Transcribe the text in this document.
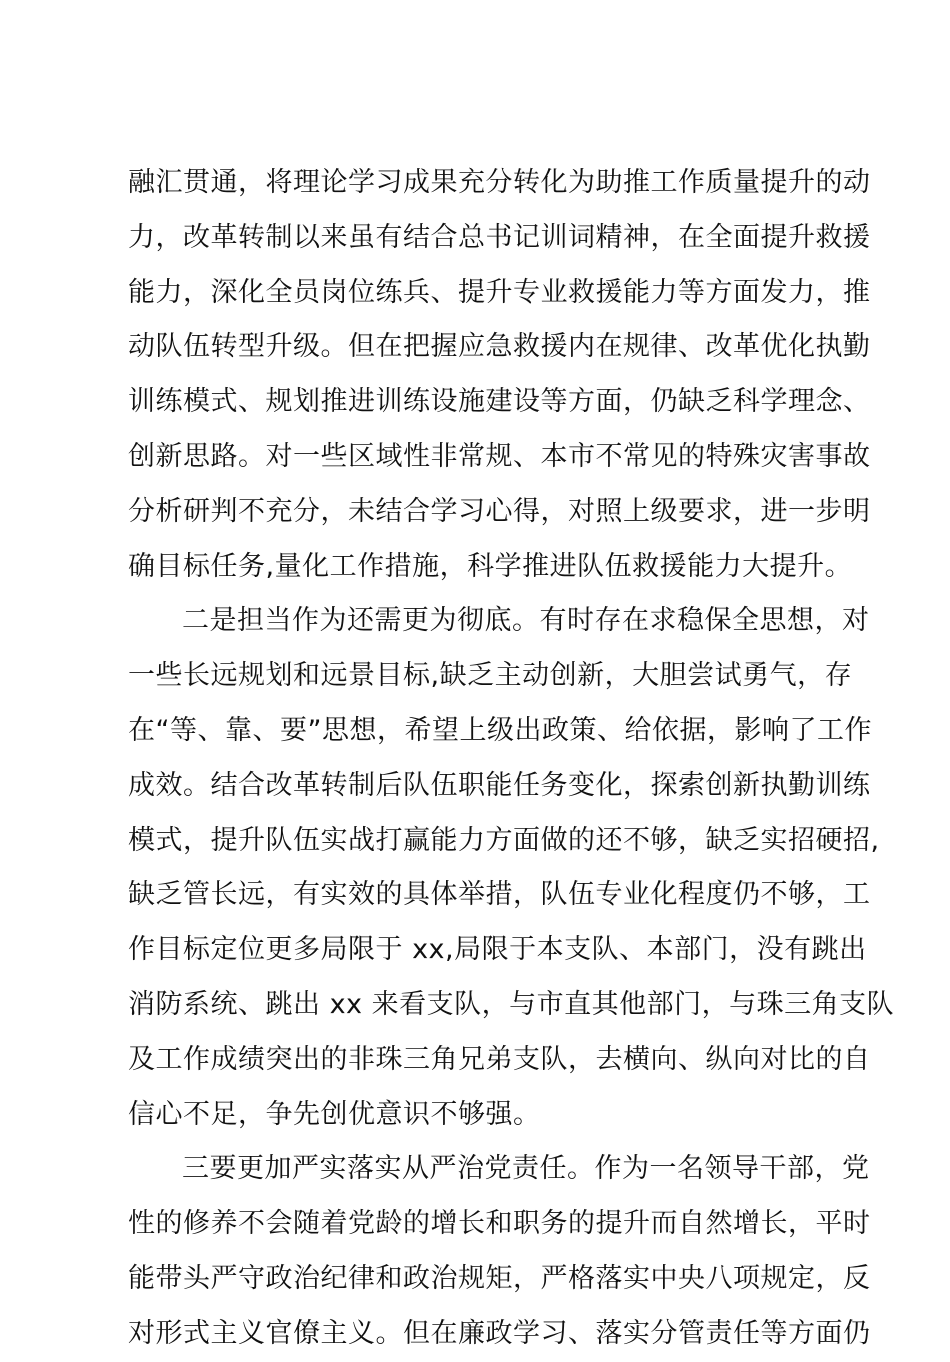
融汇贯通，将理论学习成果充分转化为助推工作质量提升的动
力，改革转制以来虽有结合总书记训词精神，在全面提升救援
能力，深化全员岗位练兵、提升专业救援能力等方面发力，推
动队伍转型升级。但在把握应急救援内在规律、改革优化执勤
训练模式、规划推进训练设施建设等方面，仍缺乏科学理念、
创新思路。对一些区域性非常规、本市不常见的特殊灾害事故
分析研判不充分，未结合学习心得，对照上级要求，进一步明
确目标任务,量化工作措施，科学推进队伍救援能力大提升。
二是担当作为还需更为彻底。有时存在求稳保全思想，对
一些长远规划和远景目标,缺乏主动创新，大胆尝试勇气，存
在“等、靠、要”思想，希望上级出政策、给依据，影响了工作
成效。结合改革转制后队伍职能任务变化，探索创新执勤训练
模式，提升队伍实战打赢能力方面做的还不够，缺乏实招硬招,
缺乏管长远，有实效的具体举措，队伍专业化程度仍不够，工
作目标定位更多局限于 xx,局限于本支队、本部门，没有跳出
消防系统、跳出 xx 来看支队，与市直其他部门，与珠三角支队
及工作成绩突出的非珠三角兄弟支队，去横向、纵向对比的自
信心不足，争先创优意识不够强。
三要更加严实落实从严治党责任。作为一名领导干部，党
性的修养不会随着党龄的增长和职务的提升而自然增长，平时
能带头严守政治纪律和政治规矩，严格落实中央八项规定，反
对形式主义官僚主义。但在廉政学习、落实分管责任等方面仍
